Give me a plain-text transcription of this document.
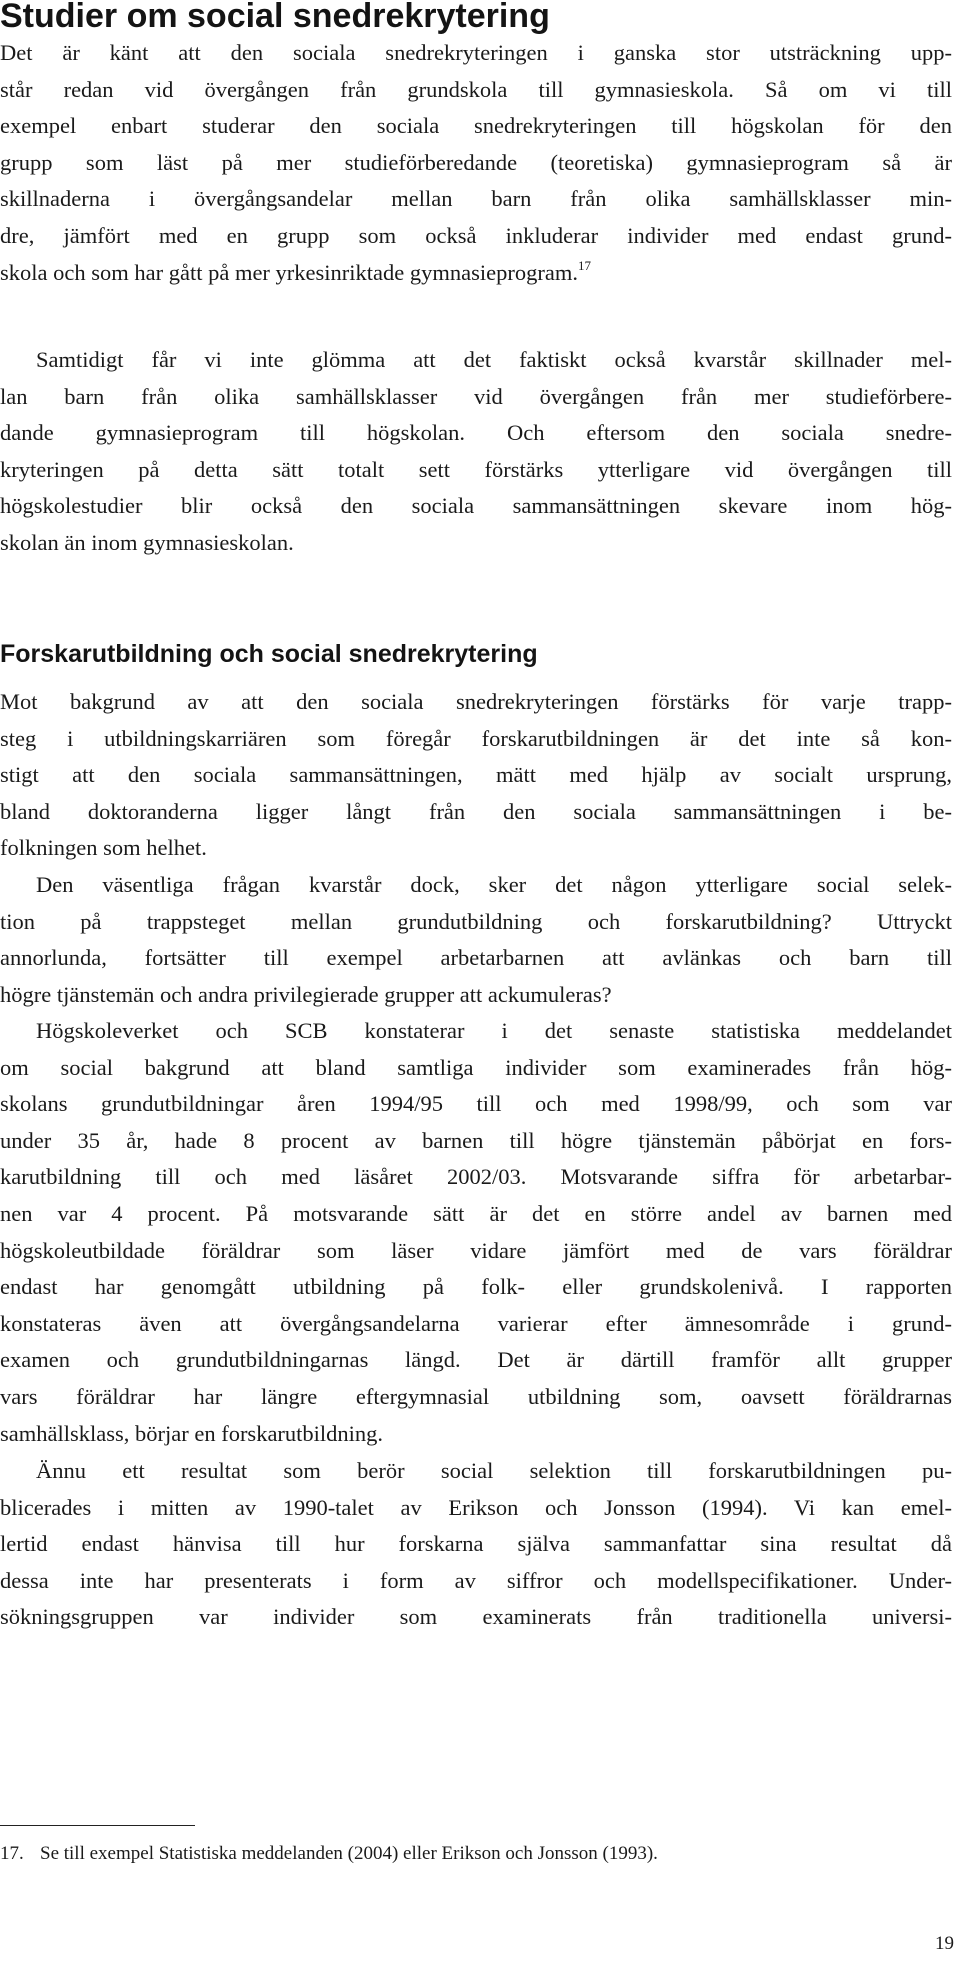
Studier om social snedrekrytering
Det är känt att den sociala snedrekryteringen i ganska stor utsträckning upp-
står redan vid övergången från grundskola till gymnasieskola. Så om vi till
exempel enbart studerar den sociala snedrekryteringen till högskolan för den
grupp som läst på mer studieförberedande (teoretiska) gymnasieprogram så är
skillnaderna i övergångsandelar mellan barn från olika samhällsklasser min-
dre, jämfört med en grupp som också inkluderar individer med endast grund-
skola och som har gått på mer yrkesinriktade gymnasieprogram.$^{17}$
Samtidigt får vi inte glömma att det faktiskt också kvarstår skillnader mel-
lan barn från olika samhällsklasser vid övergången från mer studieförbere-
dande gymnasieprogram till högskolan. Och eftersom den sociala snedre-
kryteringen på detta sätt totalt sett förstärks ytterligare vid övergången till
högskolestudier blir också den sociala sammansättningen skevare inom hög-
skolan än inom gymnasieskolan.
Forskarutbildning och social snedrekrytering
Mot bakgrund av att den sociala snedrekryteringen förstärks för varje trapp-
steg i utbildningskarriären som föregår forskarutbildningen är det inte så kon-
stigt att den sociala sammansättningen, mätt med hjälp av socialt ursprung,
bland doktoranderna ligger långt från den sociala sammansättningen i be-
folkningen som helhet.
Den väsentliga frågan kvarstår dock, sker det någon ytterligare social selek-
tion på trappsteget mellan grundutbildning och forskarutbildning? Uttryckt
annorlunda, fortsätter till exempel arbetarbarnen att avlänkas och barn till
högre tjänstemän och andra privilegierade grupper att ackumuleras?
Högskoleverket och SCB konstaterar i det senaste statistiska meddelandet
om social bakgrund att bland samtliga individer som examinerades från hög-
skolans grundutbildningar åren 1994/95 till och med 1998/99, och som var
under 35 år, hade 8 procent av barnen till högre tjänstemän påbörjat en fors-
karutbildning till och med läsåret 2002/03. Motsvarande siffra för arbetarbar-
nen var 4 procent. På motsvarande sätt är det en större andel av barnen med
högskoleutbildade föräldrar som läser vidare jämfört med de vars föräldrar
endast har genomgått utbildning på folk- eller grundskolenivå. I rapporten
konstateras även att övergångsandelarna varierar efter ämnesområde i grund-
examen och grundutbildningarnas längd. Det är därtill framför allt grupper
vars föräldrar har längre eftergymnasial utbildning som, oavsett föräldrarnas
samhällsklass, börjar en forskarutbildning.
Ännu ett resultat som berör social selektion till forskarutbildningen pu-
blicerades i mitten av 1990-talet av Erikson och Jonsson (1994). Vi kan emel-
lertid endast hänvisa till hur forskarna själva sammanfattar sina resultat då
dessa inte har presenterats i form av siffror och modellspecifikationer. Under-
sökningsgruppen var individer som examinerats från traditionella universi-
17. Se till exempel Statistiska meddelanden (2004) eller Erikson och Jonsson (1993).
19
